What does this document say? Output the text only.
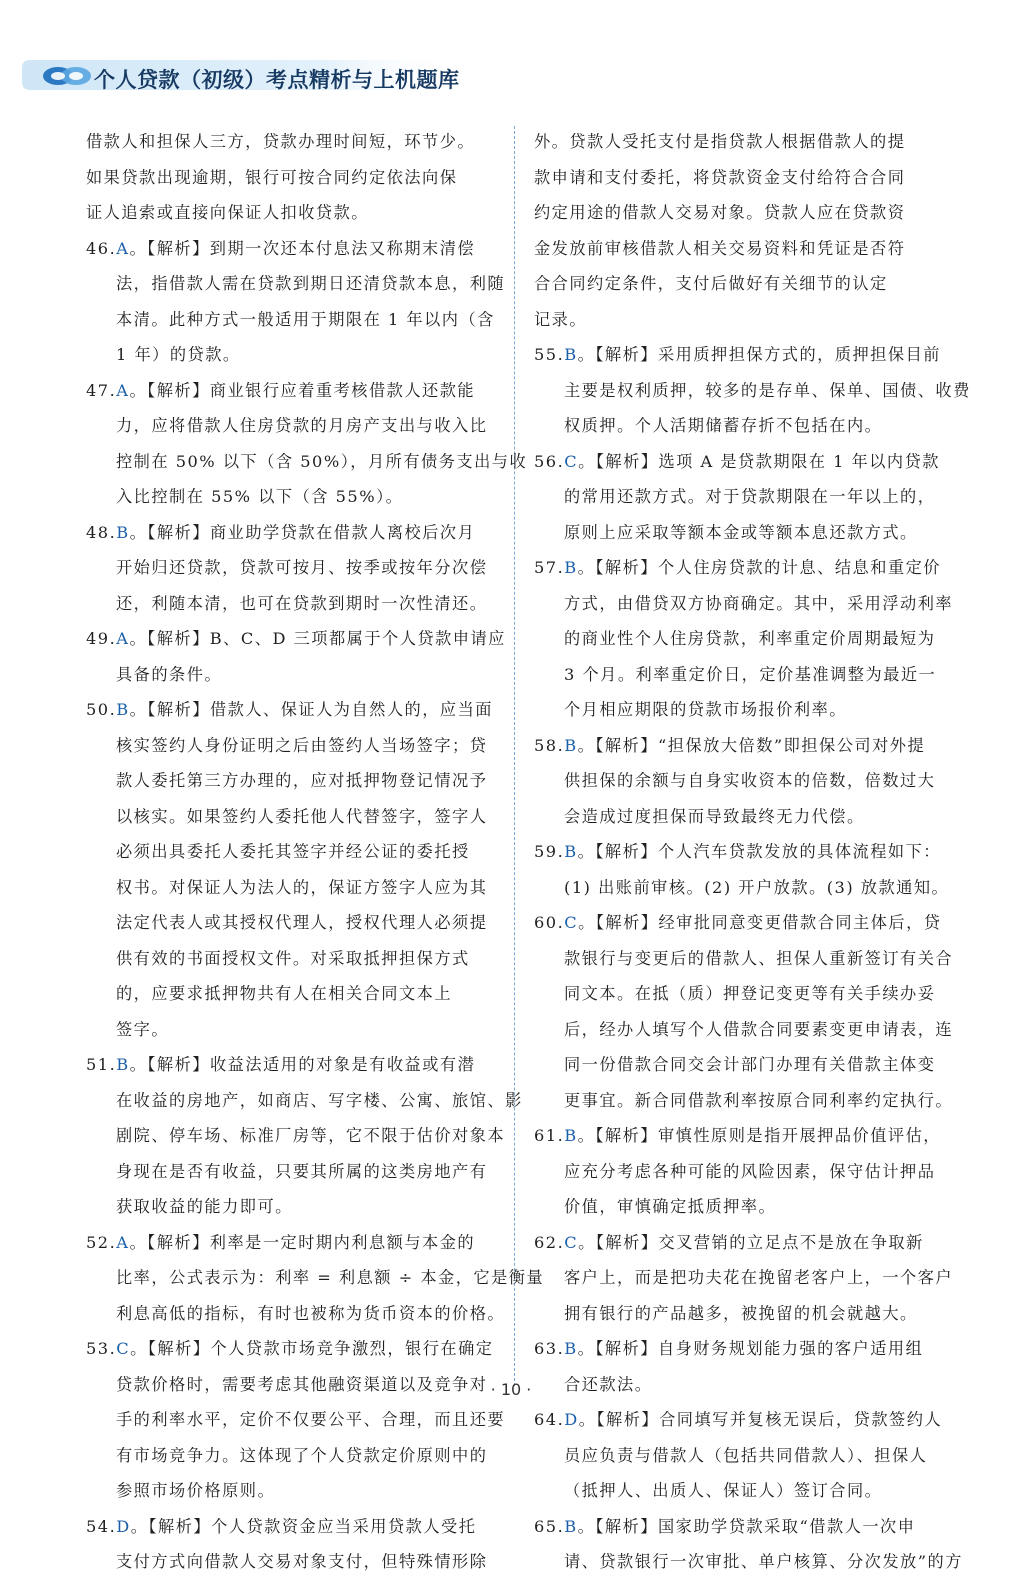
个人贷款（初级）考点精析与上机题库
借款人和担保人三方，贷款办理时间短，环节少。
如果贷款出现逾期，银行可按合同约定依法向保
证人追索或直接向保证人扣收贷款。
46.A。【解析】到期一次还本付息法又称期末清偿
法，指借款人需在贷款到期日还清贷款本息，利随
本清。此种方式一般适用于期限在 1 年以内（含
1 年）的贷款。
47.A。【解析】商业银行应着重考核借款人还款能
力，应将借款人住房贷款的月房产支出与收入比
控制在 50% 以下（含 50%），月所有债务支出与收
入比控制在 55% 以下（含 55%）。
48.B。【解析】商业助学贷款在借款人离校后次月
开始归还贷款，贷款可按月、按季或按年分次偿
还，利随本清，也可在贷款到期时一次性清还。
49.A。【解析】B、C、D 三项都属于个人贷款申请应
具备的条件。
50.B。【解析】借款人、保证人为自然人的，应当面
核实签约人身份证明之后由签约人当场签字；贷
款人委托第三方办理的，应对抵押物登记情况予
以核实。如果签约人委托他人代替签字，签字人
必须出具委托人委托其签字并经公证的委托授
权书。对保证人为法人的，保证方签字人应为其
法定代表人或其授权代理人，授权代理人必须提
供有效的书面授权文件。对采取抵押担保方式
的，应要求抵押物共有人在相关合同文本上
签字。
51.B。【解析】收益法适用的对象是有收益或有潜
在收益的房地产，如商店、写字楼、公寓、旅馆、影
剧院、停车场、标准厂房等，它不限于估价对象本
身现在是否有收益，只要其所属的这类房地产有
获取收益的能力即可。
52.A。【解析】利率是一定时期内利息额与本金的
比率，公式表示为：利率 = 利息额 ÷ 本金，它是衡量
利息高低的指标，有时也被称为货币资本的价格。
53.C。【解析】个人贷款市场竞争激烈，银行在确定
贷款价格时，需要考虑其他融资渠道以及竞争对
手的利率水平，定价不仅要公平、合理，而且还要
有市场竞争力。这体现了个人贷款定价原则中的
参照市场价格原则。
54.D。【解析】个人贷款资金应当采用贷款人受托
支付方式向借款人交易对象支付，但特殊情形除
外。贷款人受托支付是指贷款人根据借款人的提
款申请和支付委托，将贷款资金支付给符合合同
约定用途的借款人交易对象。贷款人应在贷款资
金发放前审核借款人相关交易资料和凭证是否符
合合同约定条件，支付后做好有关细节的认定
记录。
55.B。【解析】采用质押担保方式的，质押担保目前
主要是权利质押，较多的是存单、保单、国债、收费
权质押。个人活期储蓄存折不包括在内。
56.C。【解析】选项 A 是贷款期限在 1 年以内贷款
的常用还款方式。对于贷款期限在一年以上的，
原则上应采取等额本金或等额本息还款方式。
57.B。【解析】个人住房贷款的计息、结息和重定价
方式，由借贷双方协商确定。其中，采用浮动利率
的商业性个人住房贷款，利率重定价周期最短为
3 个月。利率重定价日，定价基准调整为最近一
个月相应期限的贷款市场报价利率。
58.B。【解析】“担保放大倍数”即担保公司对外提
供担保的余额与自身实收资本的倍数，倍数过大
会造成过度担保而导致最终无力代偿。
59.B。【解析】个人汽车贷款发放的具体流程如下：
(1) 出账前审核。(2) 开户放款。(3) 放款通知。
60.C。【解析】经审批同意变更借款合同主体后，贷
款银行与变更后的借款人、担保人重新签订有关合
同文本。在抵（质）押登记变更等有关手续办妥
后，经办人填写个人借款合同要素变更申请表，连
同一份借款合同交会计部门办理有关借款主体变
更事宜。新合同借款利率按原合同利率约定执行。
61.B。【解析】审慎性原则是指开展押品价值评估，
应充分考虑各种可能的风险因素，保守估计押品
价值，审慎确定抵质押率。
62.C。【解析】交叉营销的立足点不是放在争取新
客户上，而是把功夫花在挽留老客户上，一个客户
拥有银行的产品越多，被挽留的机会就越大。
63.B。【解析】自身财务规划能力强的客户适用组
合还款法。
64.D。【解析】合同填写并复核无误后，贷款签约人
员应负责与借款人（包括共同借款人）、担保人
（抵押人、出质人、保证人）签订合同。
65.B。【解析】国家助学贷款采取“借款人一次申
请、贷款银行一次审批、单户核算、分次发放”的方
· 10 ·
